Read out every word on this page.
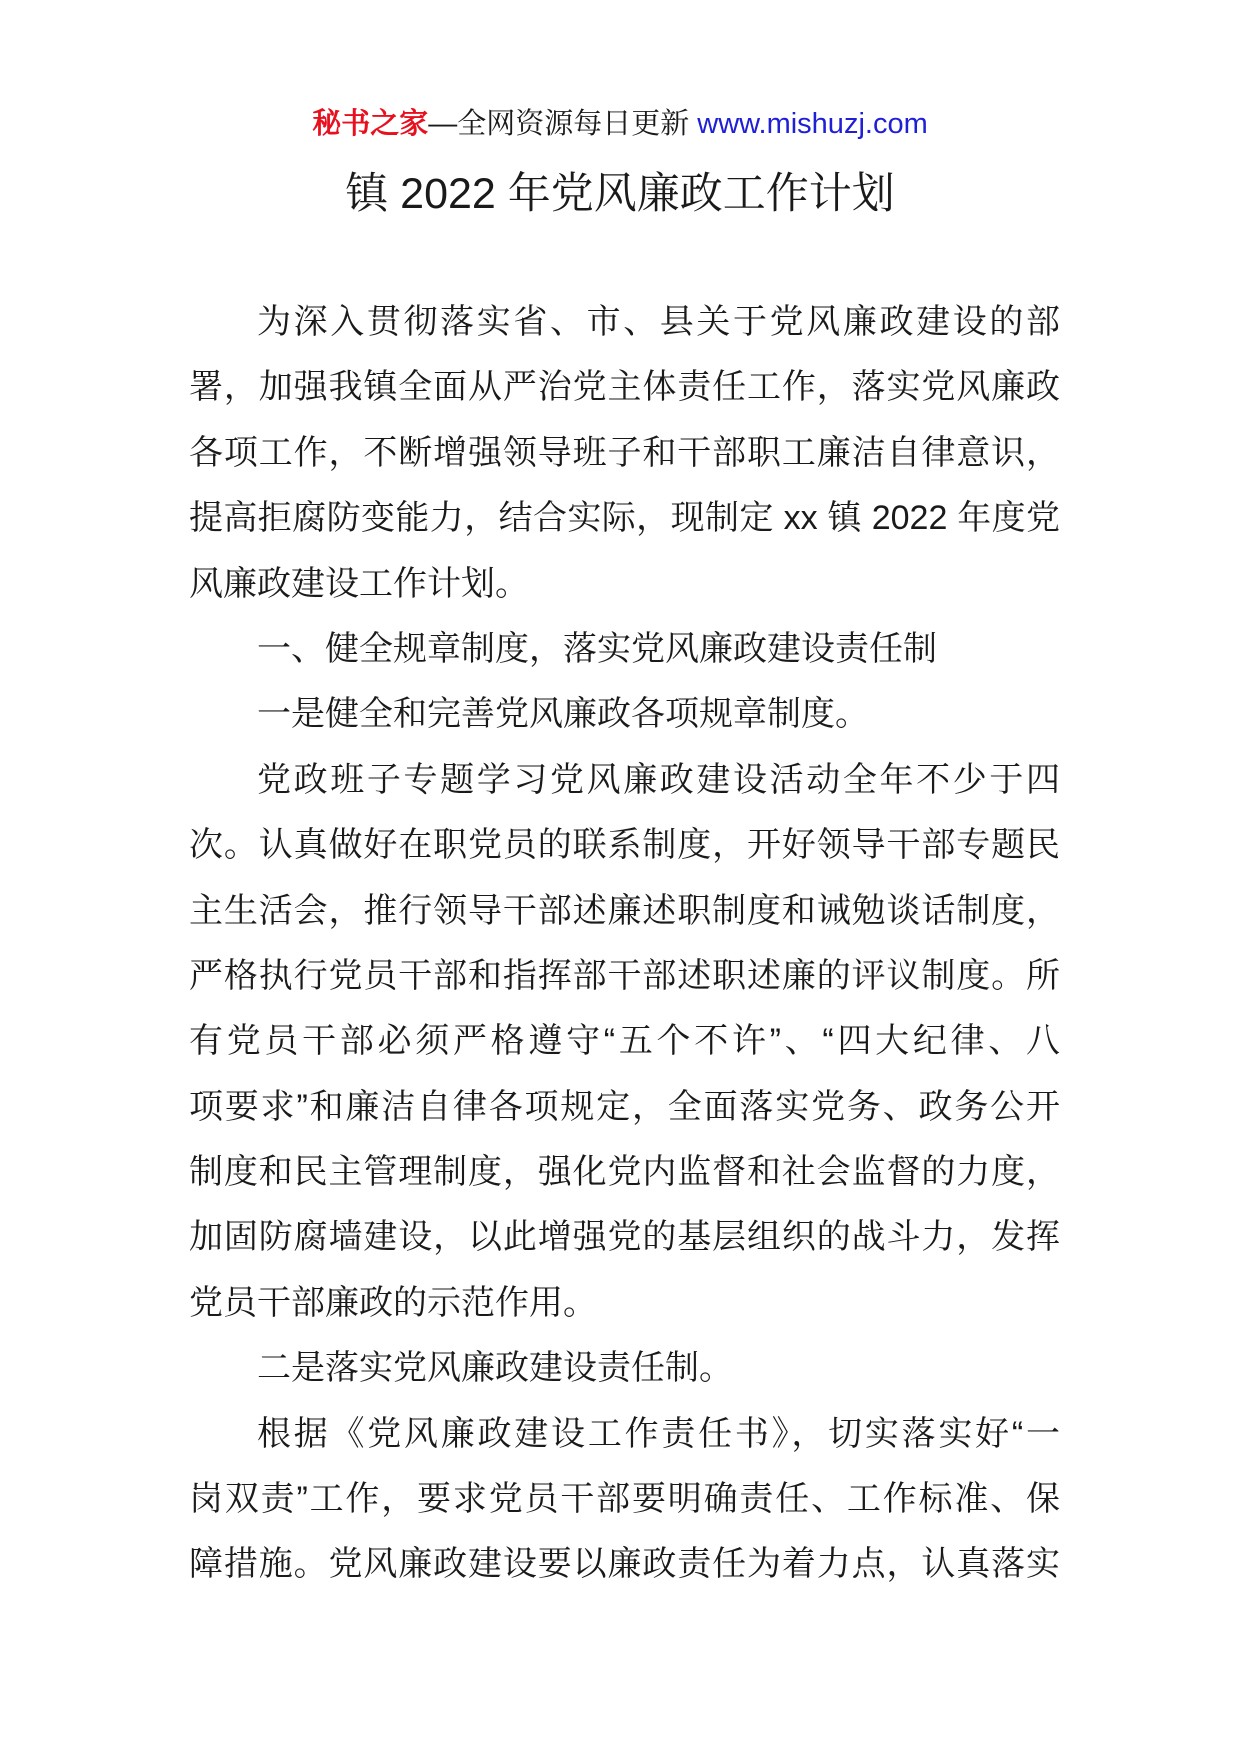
秘书之家—全网资源每日更新 www.mishuzj.com
镇 2022 年党风廉政工作计划
为深入贯彻落实省、市、县关于党风廉政建设的部
署，加强我镇全面从严治党主体责任工作，落实党风廉政
各项工作，不断增强领导班子和干部职工廉洁自律意识，
提高拒腐防变能力，结合实际，现制定 xx 镇 2022 年度党
风廉政建设工作计划。
一、健全规章制度，落实党风廉政建设责任制
一是健全和完善党风廉政各项规章制度。
党政班子专题学习党风廉政建设活动全年不少于四
次。认真做好在职党员的联系制度，开好领导干部专题民
主生活会，推行领导干部述廉述职制度和诫勉谈话制度，
严格执行党员干部和指挥部干部述职述廉的评议制度。所
有党员干部必须严格遵守“五个不许”、“四大纪律、八
项要求”和廉洁自律各项规定，全面落实党务、政务公开
制度和民主管理制度，强化党内监督和社会监督的力度，
加固防腐墙建设，以此增强党的基层组织的战斗力，发挥
党员干部廉政的示范作用。
二是落实党风廉政建设责任制。
根据《党风廉政建设工作责任书》，切实落实好“一
岗双责”工作，要求党员干部要明确责任、工作标准、保
障措施。党风廉政建设要以廉政责任为着力点，认真落实
